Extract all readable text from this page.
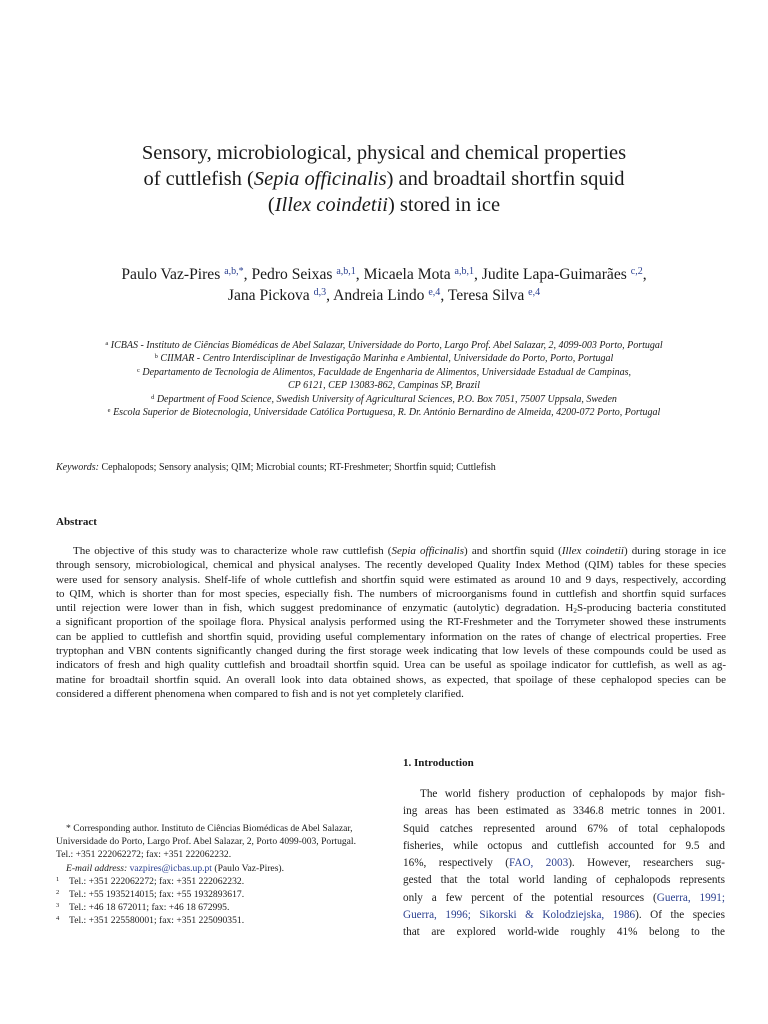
Sensory, microbiological, physical and chemical properties
of cuttlefish (Sepia officinalis) and broadtail shortfin squid
(Illex coindetii) stored in ice
Paulo Vaz-Pires $^{a,b,*}$, Pedro Seixas $^{a,b,1}$, Micaela Mota $^{a,b,1}$, Judite Lapa-Guimarães $^{c,2}$,
Jana Pickova $^{d,3}$, Andreia Lindo $^{e,4}$, Teresa Silva $^{e,4}$
$^a$ ICBAS - Instituto de Ciências Biomédicas de Abel Salazar, Universidade do Porto, Largo Prof. Abel Salazar, 2, 4099-003 Porto, Portugal
$^b$ CIIMAR - Centro Interdisciplinar de Investigação Marinha e Ambiental, Universidade do Porto, Porto, Portugal
$^c$ Departamento de Tecnologia de Alimentos, Faculdade de Engenharia de Alimentos, Universidade Estadual de Campinas,
CP 6121, CEP 13083-862, Campinas SP, Brazil
$^d$ Department of Food Science, Swedish University of Agricultural Sciences, P.O. Box 7051, 75007 Uppsala, Sweden
$^e$ Escola Superior de Biotecnologia, Universidade Católica Portuguesa, R. Dr. António Bernardino de Almeida, 4200-072 Porto, Portugal
Keywords: Cephalopods; Sensory analysis; QIM; Microbial counts; RT-Freshmeter; Shortfin squid; Cuttlefish
Abstract
The objective of this study was to characterize whole raw cuttlefish (Sepia officinalis) and shortfin squid (Illex coindetii) during storage in ice
through sensory, microbiological, chemical and physical analyses. The recently developed Quality Index Method (QIM) tables for these species
were used for sensory analysis. Shelf-life of whole cuttlefish and shortfin squid were estimated as around 10 and 9 days, respectively, according
to QIM, which is shorter than for most species, especially fish. The numbers of microorganisms found in cuttlefish and shortfin squid surfaces
until rejection were lower than in fish, which suggest predominance of enzymatic (autolytic) degradation. $H_2S$-producing bacteria constituted
a significant proportion of the spoilage flora. Physical analysis performed using the RT-Freshmeter and the Torrymeter showed these instruments
can be applied to cuttlefish and shortfin squid, providing useful complementary information on the rates of change of electrical properties. Free
tryptophan and VBN contents significantly changed during the first storage week indicating that low levels of these compounds could be used as
indicators of fresh and high quality cuttlefish and broadtail shortfin squid. Urea can be useful as spoilage indicator for cuttlefish, as well as ag-
matine for broadtail shortfin squid. An overall look into data obtained shows, as expected, that spoilage of these cephalopod species can be
considered a different phenomena when compared to fish and is not yet completely clarified.
* Corresponding author. Instituto de Ciências Biomédicas de Abel Salazar,
Universidade do Porto, Largo Prof. Abel Salazar, 2, Porto 4099-003, Portugal.
Tel.: +351 222062272; fax: +351 222062232.
E-mail address: vazpires@icbas.up.pt (Paulo Vaz-Pires).
$^1$ Tel.: +351 222062272; fax: +351 222062232.
$^2$ Tel.: +55 1935214015; fax: +55 1932893617.
$^3$ Tel.: +46 18 672011; fax: +46 18 672995.
$^4$ Tel.: +351 225580001; fax: +351 225090351.
1. Introduction
The world fishery production of cephalopods by major fish-
ing areas has been estimated as 3346.8 metric tonnes in 2001.
Squid catches represented around 67% of total cephalopods
fisheries, while octopus and cuttlefish accounted for 9.5 and
16%, respectively (FAO, 2003). However, researchers sug-
gested that the total world landing of cephalopods represents
only a few percent of the potential resources (Guerra, 1991;
Guerra, 1996; Sikorski & Kolodziejska, 1986). Of the species
that are explored world-wide roughly 41% belong to the
